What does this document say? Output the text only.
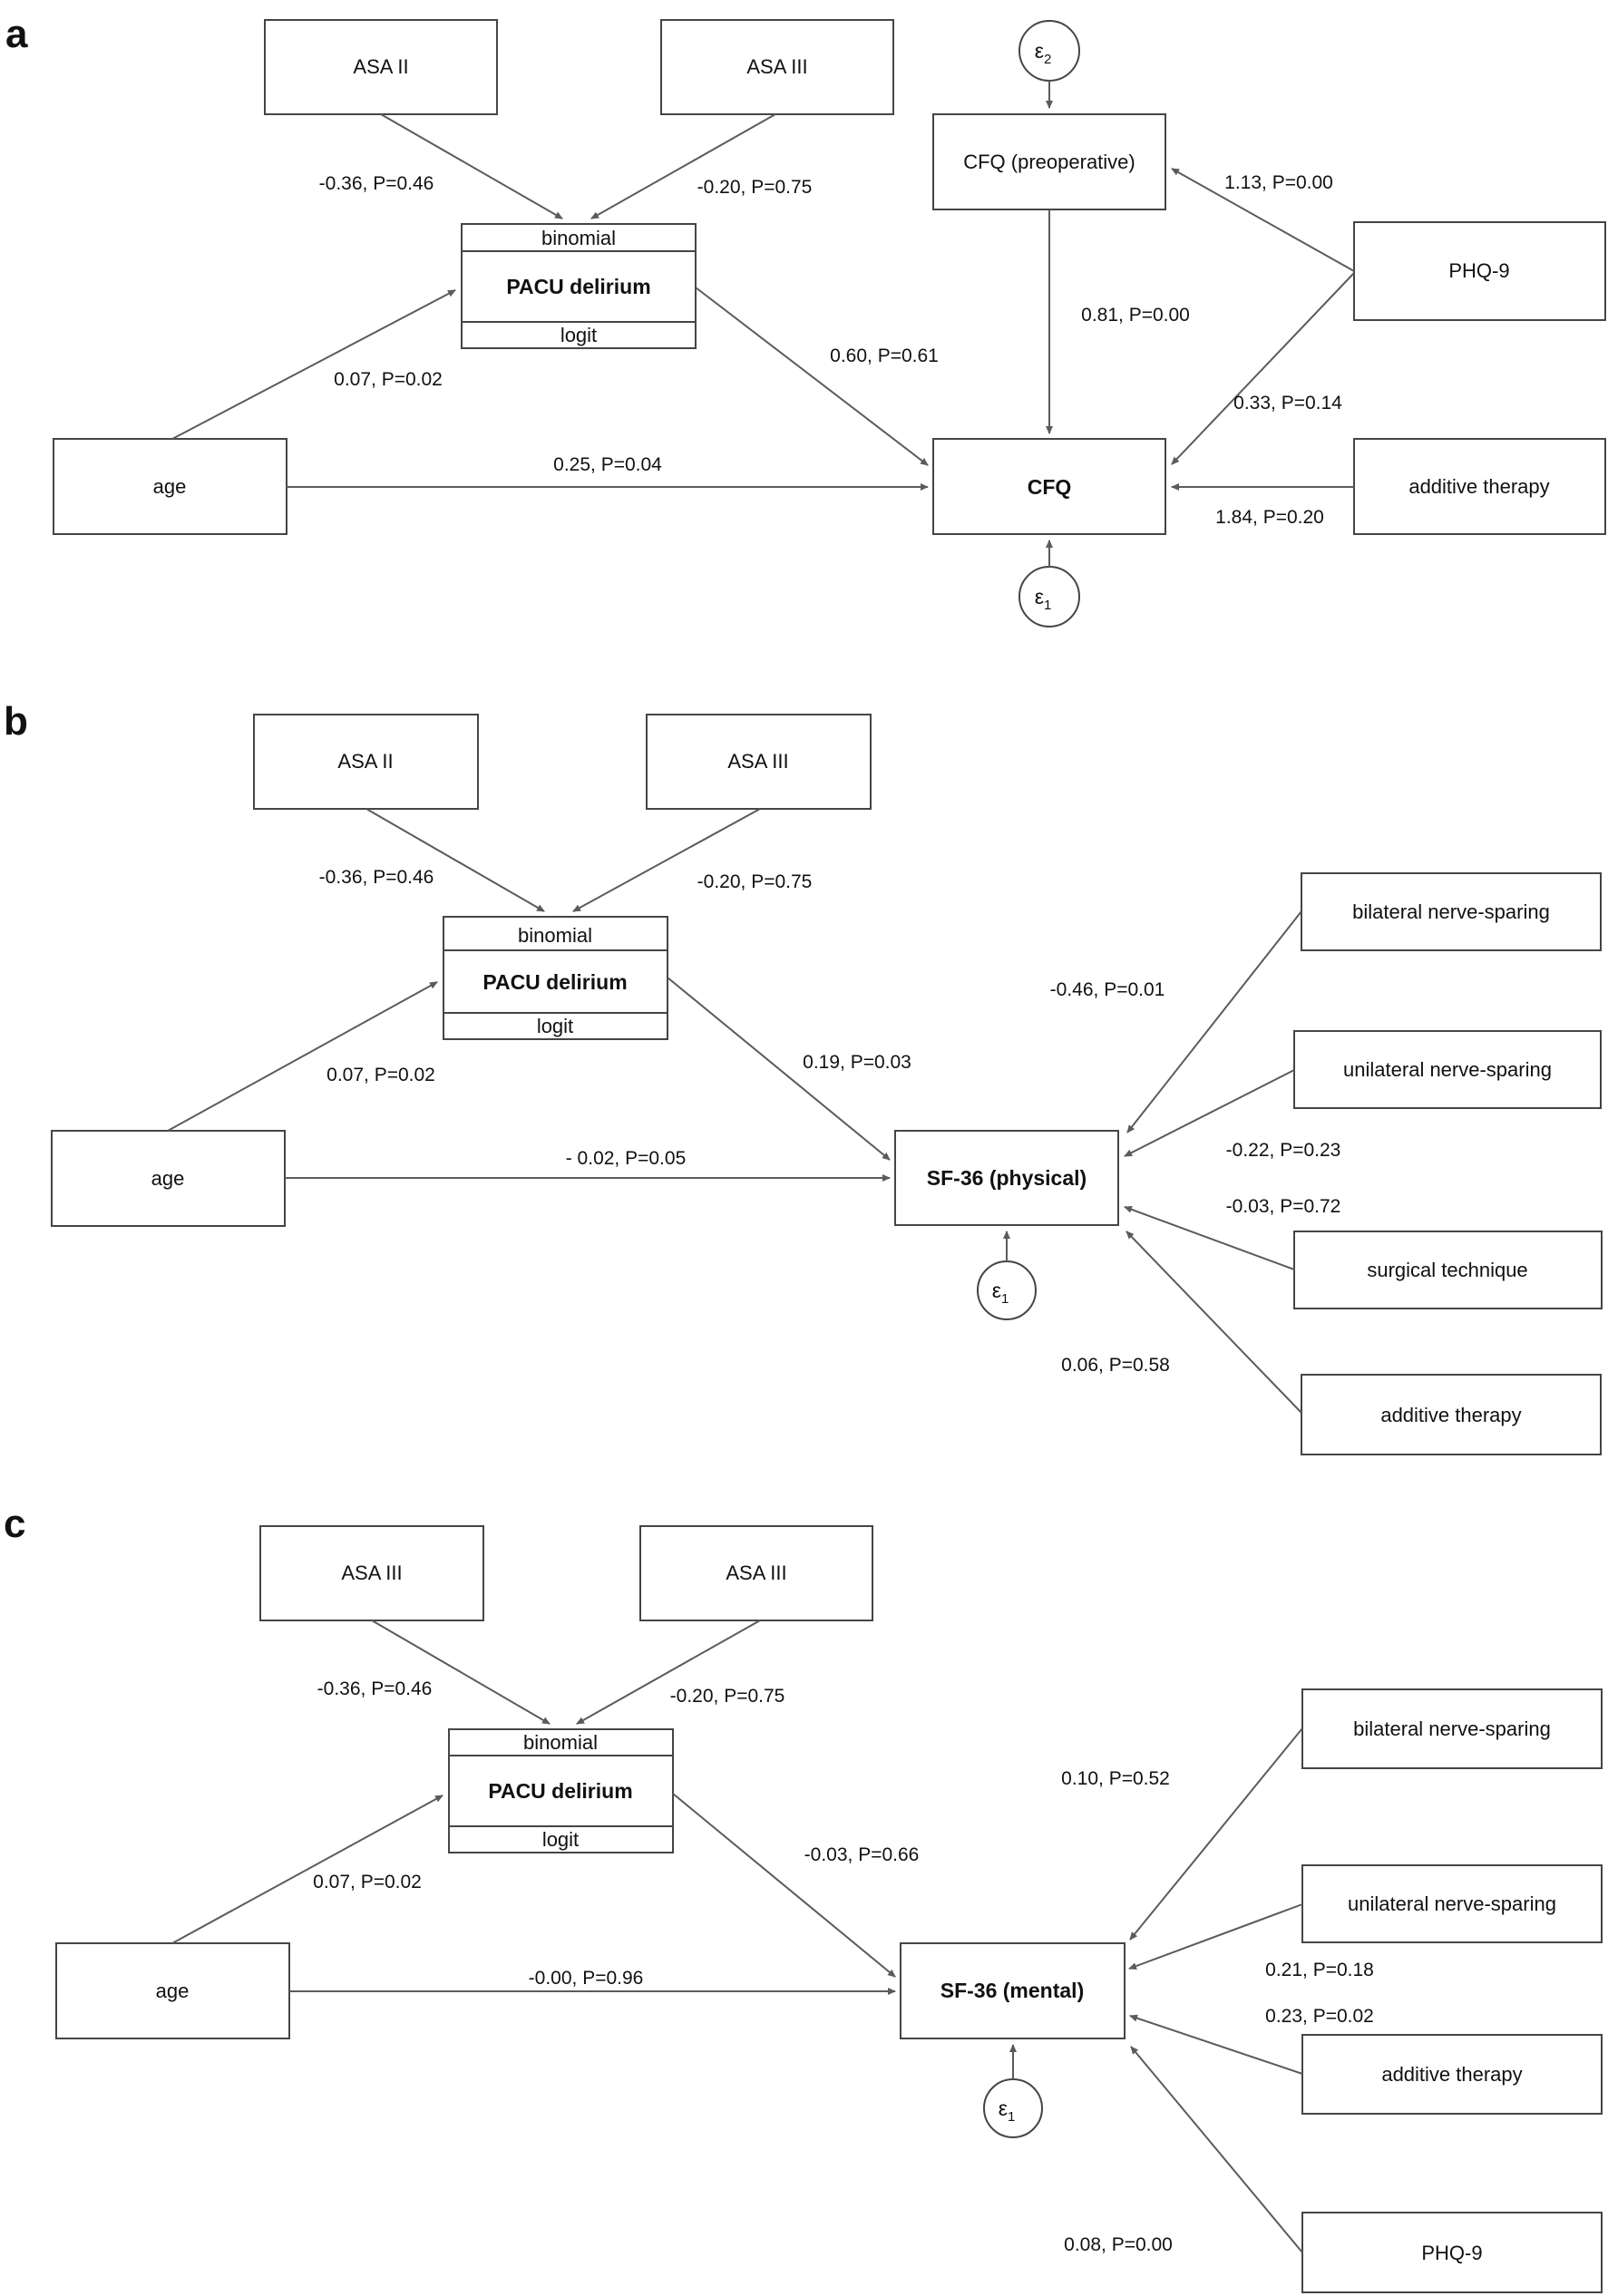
a
ASA II	ASA III
binomial
PACU delirium
logit
age
CFQ (preoperative)
CFQ
PHQ-9
additive therapy
$\varepsilon_2$
$\varepsilon_1$
-0.36, P=0.46	-0.20, P=0.75
0.07, P=0.02
0.25, P=0.04
0.60, P=0.61
0.81, P=0.00
1.13, P=0.00
0.33, P=0.14
1.84, P=0.20
b
ASA II	ASA III
binomial
PACU delirium
logit
age	SF-36 (physical)
bilateral nerve-sparing
unilateral nerve-sparing
surgical technique
additive therapy
$\varepsilon_1$
-0.36, P=0.46	-0.20, P=0.75
0.07, P=0.02
- 0.02, P=0.05
0.19, P=0.03
-0.46, P=0.01
-0.22, P=0.23
-0.03, P=0.72
0.06, P=0.58
c
ASA III	ASA III
binomial
PACU delirium
logit
age	SF-36 (mental)
bilateral nerve-sparing
unilateral nerve-sparing
additive therapy
PHQ-9
$\varepsilon_1$
-0.36, P=0.46	-0.20, P=0.75
0.07, P=0.02
-0.00, P=0.96
-0.03, P=0.66
0.10, P=0.52
0.21, P=0.18
0.23, P=0.02
0.08, P=0.00
